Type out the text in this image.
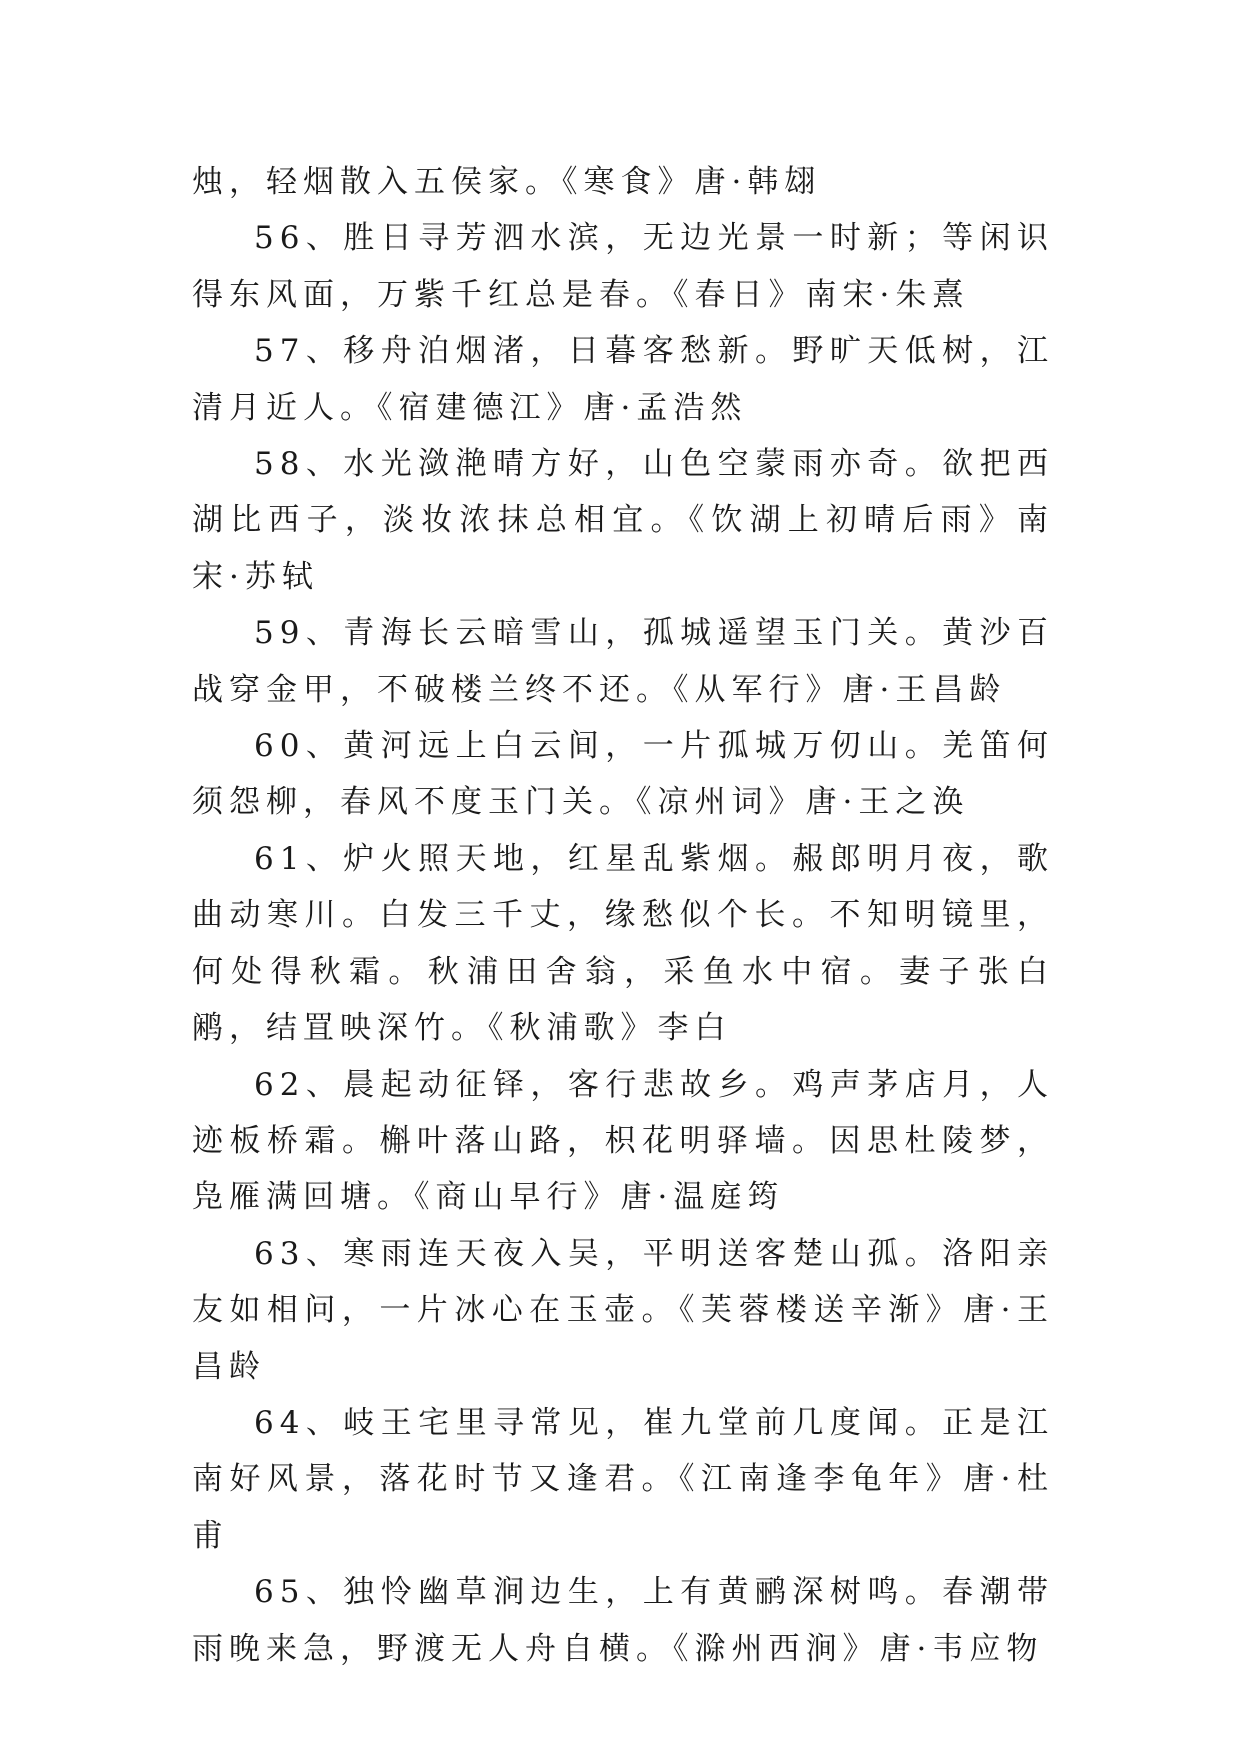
烛，轻烟散入五侯家。《寒食》唐·韩翃

56、胜日寻芳泗水滨，无边光景一时新；等闲识得东风面，万紫千红总是春。《春日》南宋·朱熹

57、移舟泊烟渚，日暮客愁新。野旷天低树，江清月近人。《宿建德江》唐·孟浩然

58、水光潋滟晴方好，山色空蒙雨亦奇。欲把西湖比西子，淡妆浓抹总相宜。《饮湖上初晴后雨》南宋·苏轼

59、青海长云暗雪山，孤城遥望玉门关。黄沙百战穿金甲，不破楼兰终不还。《从军行》唐·王昌龄

60、黄河远上白云间，一片孤城万仞山。羌笛何须怨柳，春风不度玉门关。《凉州词》唐·王之涣

61、炉火照天地，红星乱紫烟。赧郎明月夜，歌曲动寒川。白发三千丈，缘愁似个长。不知明镜里，何处得秋霜。秋浦田舍翁，采鱼水中宿。妻子张白鹇，结罝映深竹。《秋浦歌》李白

62、晨起动征铎，客行悲故乡。鸡声茅店月，人迹板桥霜。槲叶落山路，枳花明驿墙。因思杜陵梦，凫雁满回塘。《商山早行》唐·温庭筠

63、寒雨连天夜入吴，平明送客楚山孤。洛阳亲友如相问，一片冰心在玉壶。《芙蓉楼送辛渐》唐·王昌龄

64、岐王宅里寻常见，崔九堂前几度闻。正是江南好风景，落花时节又逢君。《江南逢李龟年》唐·杜甫

65、独怜幽草涧边生，上有黄鹂深树鸣。春潮带雨晚来急，野渡无人舟自横。《滁州西涧》唐·韦应物
